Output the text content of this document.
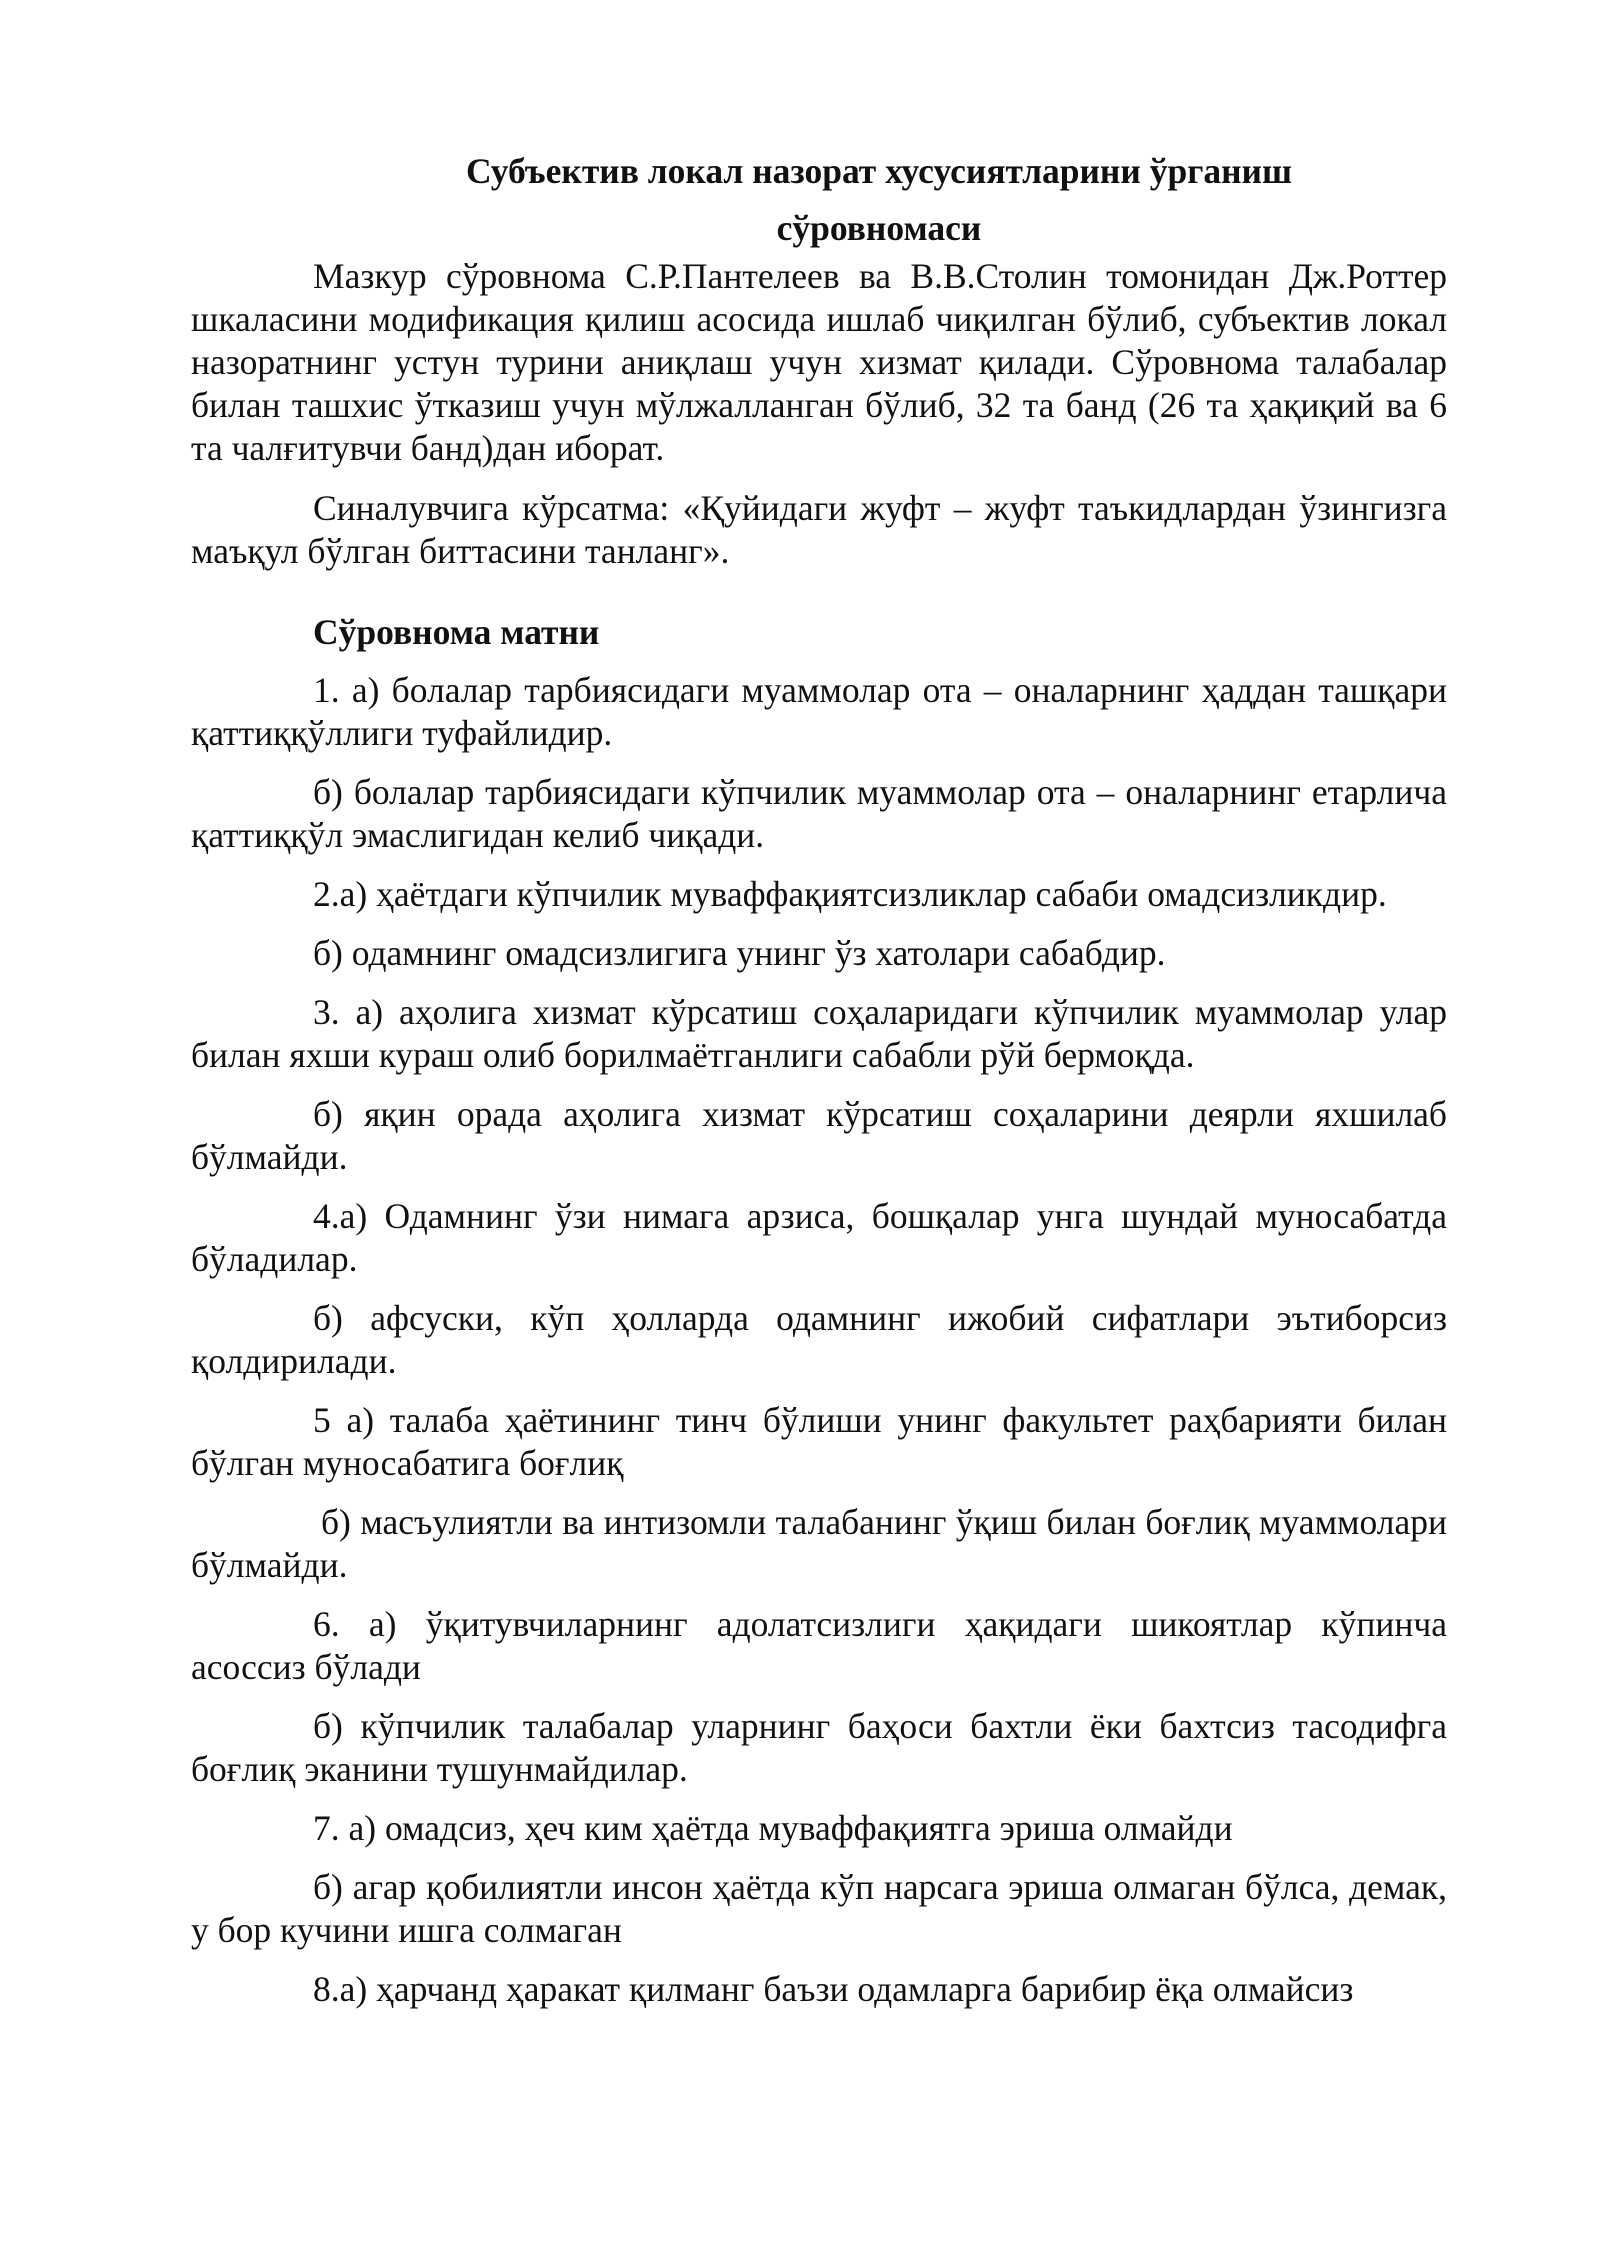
Субъектив локал назорат хусусиятларини ўрганиш

сўровномаси

Мазкур сўровнома С.Р.Пантелеев ва В.В.Столин томонидан Дж.Роттер шкаласини модификация қилиш асосида ишлаб чиқилган бўлиб, субъектив локал назоратнинг устун турини аниқлаш учун хизмат қилади. Сўровнома талабалар билан ташхис ўтказиш учун мўлжалланган бўлиб, 32 та банд (26 та ҳақиқий ва 6 та чалғитувчи банд)дан иборат.

Синалувчига кўрсатма: «Қуйидаги жуфт – жуфт таъкидлардан ўзингизга маъқул бўлган биттасини танланг».

Сўровнома матни

1. а) болалар тарбиясидаги муаммолар ота – оналарнинг ҳаддан ташқари қаттиққўллиги туфайлидир.

б) болалар тарбиясидаги кўпчилик муаммолар ота – оналарнинг етарлича қаттиққўл эмаслигидан келиб чиқади.

2.а) ҳаётдаги кўпчилик муваффақиятсизликлар сабаби омадсизликдир.

б) одамнинг омадсизлигига унинг ўз хатолари сабабдир.

3. а) аҳолига хизмат кўрсатиш соҳаларидаги кўпчилик муаммолар улар билан яхши кураш олиб борилмаётганлиги сабабли рўй бермоқда.

б) яқин орада аҳолига хизмат кўрсатиш соҳаларини деярли яхшилаб бўлмайди.

4.а) Одамнинг ўзи нимага арзиса, бошқалар унга шундай муносабатда бўладилар.

б) афсуски, кўп ҳолларда одамнинг ижобий сифатлари эътиборсиз қолдирилади.

5 а) талаба ҳаётининг тинч бўлиши унинг факультет раҳбарияти билан бўлган муносабатига боғлиқ

б) масъулиятли ва интизомли талабанинг ўқиш билан боғлиқ муаммолари бўлмайди.

6. а) ўқитувчиларнинг адолатсизлиги ҳақидаги шикоятлар кўпинча асоссиз бўлади

б) кўпчилик талабалар уларнинг баҳоси бахтли ёки бахтсиз тасодифга боғлиқ эканини тушунмайдилар.

7. а) омадсиз, ҳеч ким ҳаётда муваффақиятга эриша олмайди

б) агар қобилиятли инсон ҳаётда кўп нарсага эриша олмаган бўлса, демак, у бор кучини ишга солмаган

8.а) ҳарчанд ҳаракат қилманг баъзи одамларга барибир ёқа олмайсиз
